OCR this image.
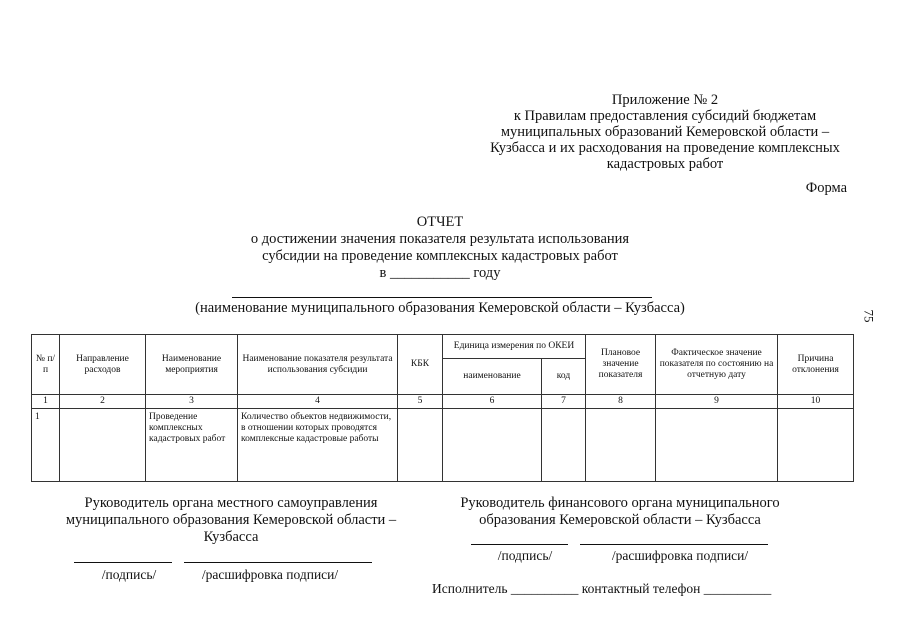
Приложение № 2
к Правилам предоставления субсидий бюджетам
муниципальных образований Кемеровской области –
Кузбасса и их расходования на проведение комплексных
кадастровых работ
Форма
ОТЧЕТ
о достижении значения показателя результата использования
субсидии на проведение комплексных кадастровых работ
в ___________ году
(наименование муниципального образования Кемеровской области – Кузбасса)	75
№ п/п	Направление расходов	Наименование мероприятия	Наименование показателя результата использования субсидии	КБК	Единица измерения по ОКЕИ		Плановое значение показателя	Фактическое значение показателя по состоянию на отчетную дату	Причина отклонения
					наименование	код			
1	2	3	4	5	6	7	8	9	10
1		Проведение комплексных кадастровых работ	Количество объектов недвижимости, в отношении которых проводятся комплексные кадастровые работы						
Руководитель органа местного самоуправления
муниципального образования Кемеровской области –
Кузбасса
/подпись/	/расшифровка подписи/
Руководитель финансового органа муниципального
образования Кемеровской области – Кузбасса
/подпись/	/расшифровка подписи/
Исполнитель __________ контактный телефон __________
